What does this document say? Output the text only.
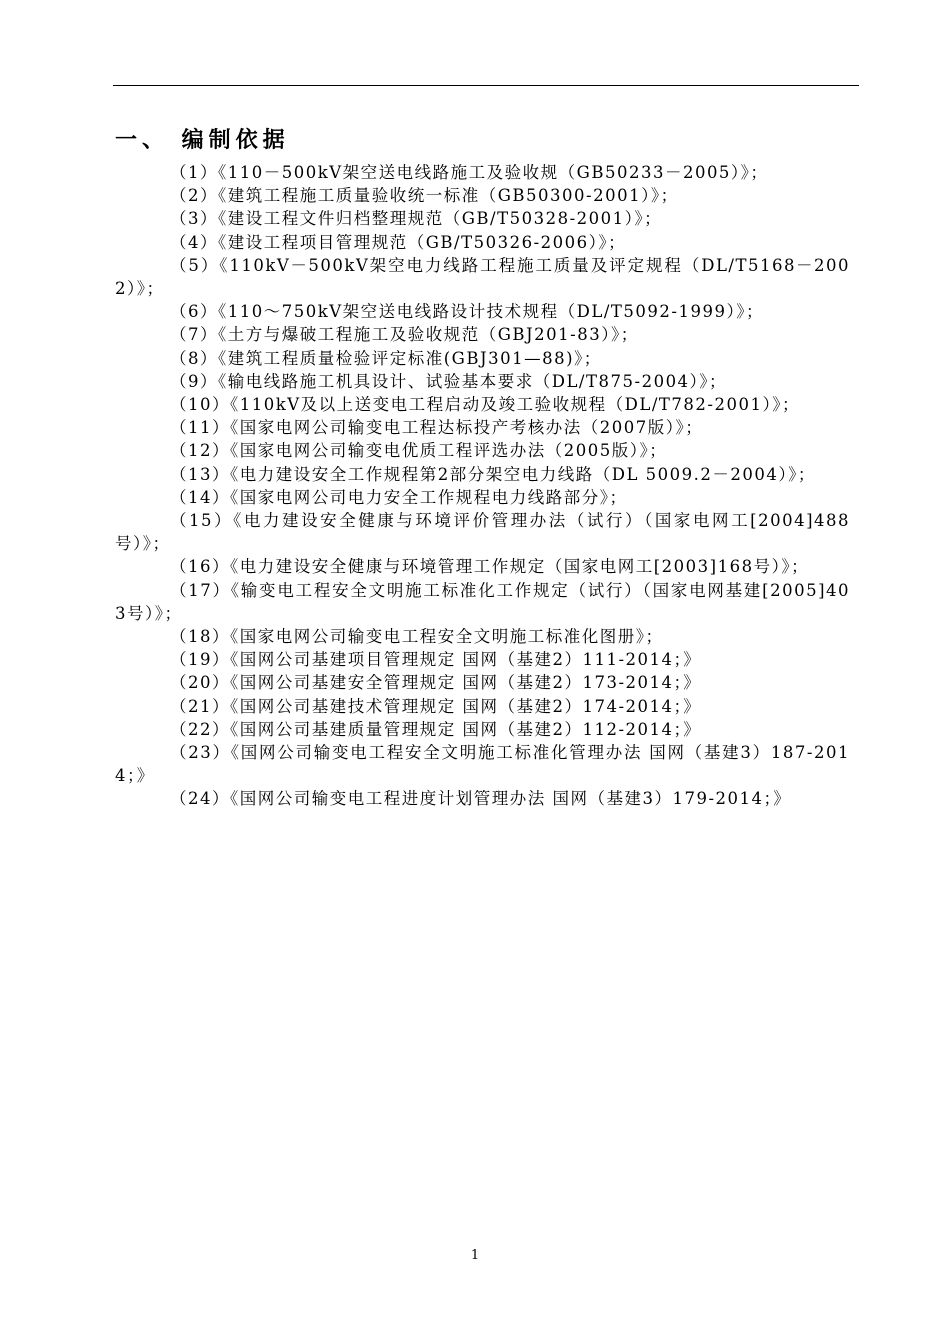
一、 编制依据

（1）《110－500kV架空送电线路施工及验收规（GB50233－2005）》；

（2）《建筑工程施工质量验收统一标准（GB50300-2001）》；

（3）《建设工程文件归档整理规范（GB/T50328-2001）》；

（4）《建设工程项目管理规范（GB/T50326-2006）》；

（5）《110kV－500kV架空电力线路工程施工质量及评定规程（DL/T5168－2002）》；

（6）《110～750kV架空送电线路设计技术规程（DL/T5092-1999）》；

（7）《土方与爆破工程施工及验收规范（GBJ201-83）》；

（8）《建筑工程质量检验评定标准(GBJ301—88)》；

（9）《输电线路施工机具设计、试验基本要求（DL/T875-2004）》；

（10）《110kV及以上送变电工程启动及竣工验收规程（DL/T782-2001）》；

（11）《国家电网公司输变电工程达标投产考核办法（2007版）》；

（12）《国家电网公司输变电优质工程评选办法（2005版）》；

（13）《电力建设安全工作规程第2部分架空电力线路（DL 5009.2－2004）》；

（14）《国家电网公司电力安全工作规程电力线路部分》；

（15）《电力建设安全健康与环境评价管理办法（试行）（国家电网工[2004]488号）》；

（16）《电力建设安全健康与环境管理工作规定（国家电网工[2003]168号）》；

（17）《输变电工程安全文明施工标准化工作规定（试行）（国家电网基建[2005]403号）》；

（18）《国家电网公司输变电工程安全文明施工标准化图册》；

（19）《国网公司基建项目管理规定 国网（基建2）111-2014；》

（20）《国网公司基建安全管理规定 国网（基建2）173-2014；》

（21）《国网公司基建技术管理规定 国网（基建2）174-2014；》

（22）《国网公司基建质量管理规定 国网（基建2）112-2014；》

（23）《国网公司输变电工程安全文明施工标准化管理办法 国网（基建3）187-2014；》

（24）《国网公司输变电工程进度计划管理办法 国网（基建3）179-2014；》

1
